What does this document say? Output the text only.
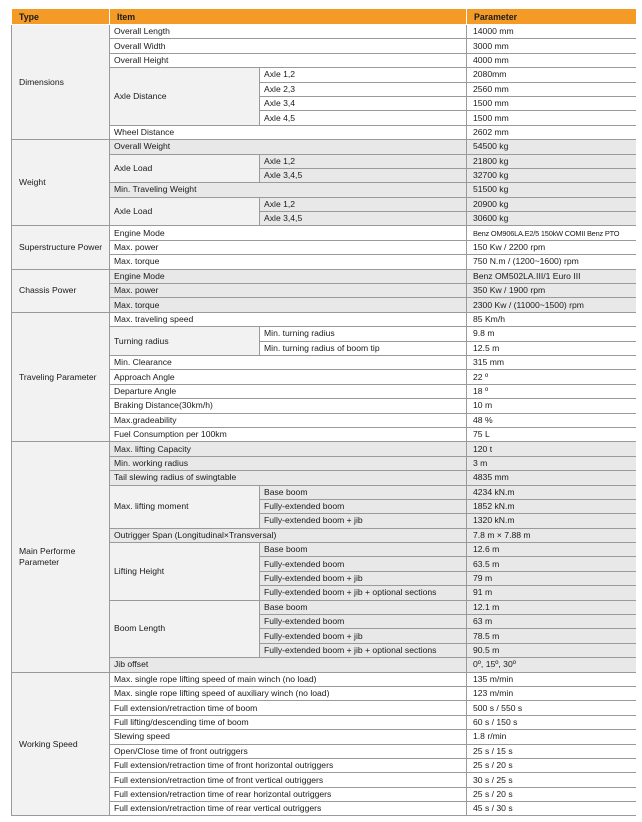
Type	Item		Parameter
Dimensions	Overall Length		14000 mm
	Overall Width		3000 mm
	Overall Height		4000 mm
	Axle Distance	Axle 1,2	2080mm
		Axle 2,3	2560 mm
		Axle 3,4	1500 mm
		Axle 4,5	1500 mm
	Wheel Distance		2602 mm
Weight	Overall Weight		54500 kg
	Axle Load	Axle 1,2	21800 kg
		Axle 3,4,5	32700 kg
	Min. Traveling Weight		51500 kg
	Axle Load	Axle 1,2	20900 kg
		Axle 3,4,5	30600 kg
Superstructure Power	Engine Mode		Benz OM906LA.E2/5 150kW COMII Benz PTO
	Max. power		150 Kw / 2200 rpm
	Max. torque		750 N.m / (1200~1600) rpm
Chassis Power	Engine Mode		Benz OM502LA.III/1 Euro III
	Max. power		350 Kw / 1900 rpm
	Max. torque		2300 Kw / (11000~1500) rpm
Traveling Parameter	Max. traveling speed		85 Km/h
	Turning radius	Min. turning radius	9.8 m
		Min. turning radius of boom tip	12.5 m
	Min. Clearance		315 mm
	Approach Angle		22 º
	Departure Angle		18 º
	Braking Distance(30km/h)		10 m
	Max.gradeability		48 %
	Fuel Consumption per 100km		75 L
Main Performe Parameter	Max. lifting Capacity		120 t
	Min. working radius		3 m
	Tail slewing radius of swingtable		4835 mm
	Max. lifting moment	Base boom	4234 kN.m
		Fully-extended boom	1852 kN.m
		Fully-extended boom + jib	1320 kN.m
	Outrigger Span (Longitudinal×Transversal)		7.8 m × 7.88 m
	Lifting Height	Base boom	12.6 m
		Fully-extended boom	63.5 m
		Fully-extended boom + jib	79 m
		Fully-extended boom + jib + optional sections	91 m
	Boom Length	Base boom	12.1 m
		Fully-extended boom	63 m
		Fully-extended boom + jib	78.5 m
		Fully-extended boom + jib + optional sections	90.5 m
	Jib offset		0º, 15º, 30º
Working Speed	Max. single rope lifting speed of main winch (no load)		135 m/min
	Max. single rope lifting speed of auxiliary winch (no load)		123 m/min
	Full extension/retraction time of boom		500 s / 550 s
	Full lifting/descending time of boom		60 s / 150 s
	Slewing speed		1.8 r/min
	Open/Close time of front outriggers		25 s / 15 s
	Full extension/retraction time of front horizontal outriggers		25 s / 20 s
	Full extension/retraction time of front vertical outriggers		30 s / 25 s
	Full extension/retraction time of rear horizontal outriggers		25 s / 20 s
	Full extension/retraction time of rear vertical outriggers		45 s / 30 s
